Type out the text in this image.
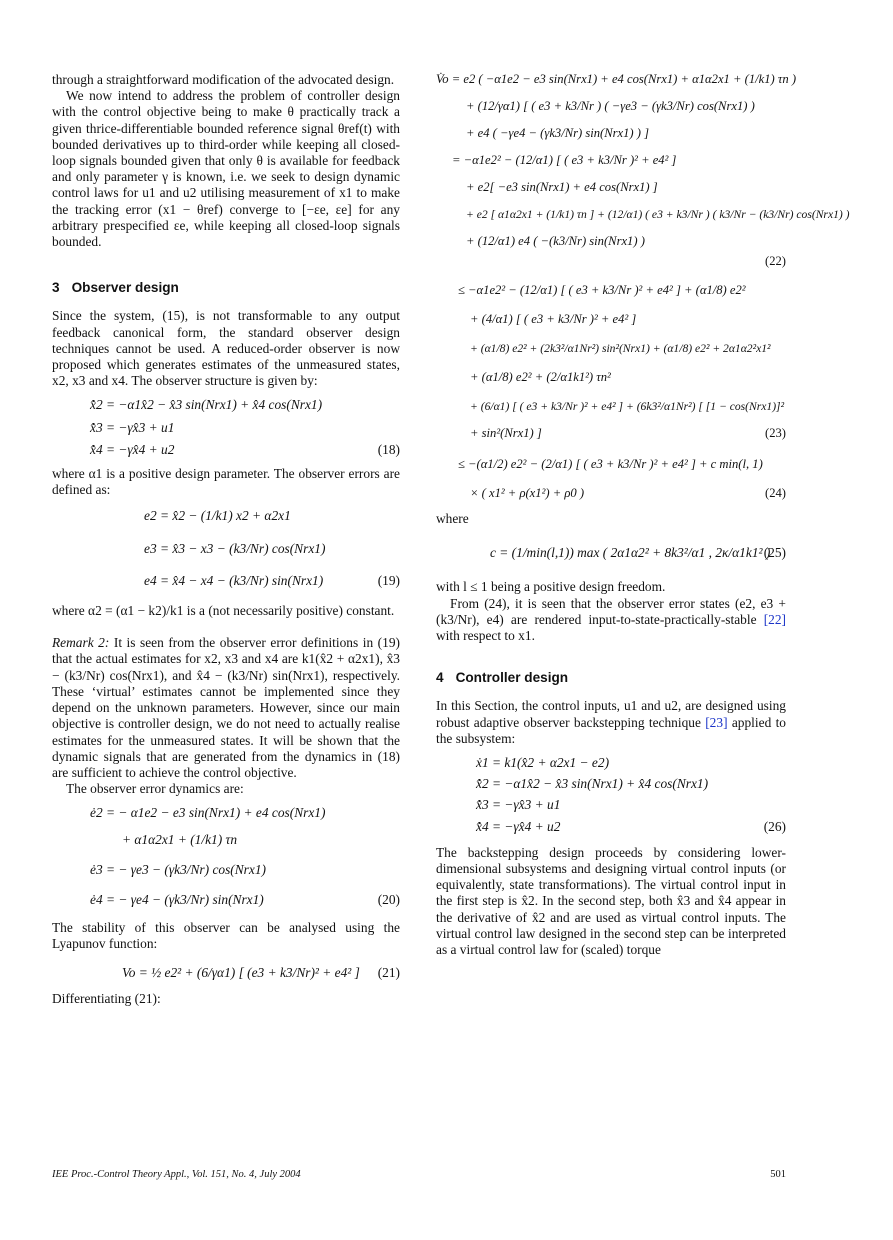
through a straightforward modification of the advocated design.

We now intend to address the problem of controller design with the control objective being to make θ practically track a given thrice-differentiable bounded reference signal θref(t) with bounded derivatives up to third-order while keeping all closed-loop signals bounded given that only θ is available for feedback and only parameter γ is known, i.e. we seek to design dynamic control laws for u1 and u2 utilising measurement of x1 to make the tracking error (x1 − θref) converge to [−εe, εe] for any arbitrary prespecified εe, while keeping all closed-loop signals bounded.

3 Observer design

Since the system, (15), is not transformable to any output feedback canonical form, the standard observer design techniques cannot be used. A reduced-order observer is now proposed which generates estimates of the unmeasured states, x2, x3 and x4. The observer structure is given by:

x̂̇2 = −α1x̂2 − x̂3 sin(Nrx1) + x̂4 cos(Nrx1)
x̂̇3 = −γx̂3 + u1
x̂̇4 = −γx̂4 + u2	(18)

where α1 is a positive design parameter. The observer errors are defined as:

e2 = x̂2 − (1/k1) x2 + α2x1
e3 = x̂3 − x3 − (k3/Nr) cos(Nrx1)
e4 = x̂4 − x4 − (k3/Nr) sin(Nrx1)	(19)

where α2 = (α1 − k2)/k1 is a (not necessarily positive) constant.

Remark 2: It is seen from the observer error definitions in (19) that the actual estimates for x2, x3 and x4 are k1(x̂2 + α2x1), x̂3 − (k3/Nr) cos(Nrx1), and x̂4 − (k3/Nr) sin(Nrx1), respectively. These ‘virtual’ estimates cannot be implemented since they depend on the unknown parameters. However, since our main objective is controller design, we do not need to actually realise estimates for the unmeasured states. It will be shown that the dynamic signals that are generated from the dynamics in (18) are sufficient to achieve the control objective.

The observer error dynamics are:

ė2 = − α1e2 − e3 sin(Nrx1) + e4 cos(Nrx1)
+ α1α2x1 + (1/k1) τn
ė3 = − γe3 − (γk3/Nr) cos(Nrx1)
ė4 = − γe4 − (γk3/Nr) sin(Nrx1)	(20)

The stability of this observer can be analysed using the Lyapunov function:

Vo = ½ e2² + (6/γα1) [ (e3 + k3/Nr)² + e4² ]	(21)

Differentiating (21):

V̇o = e2 ( −α1e2 − e3 sin(Nrx1) + e4 cos(Nrx1) + α1α2x1 + (1/k1) τn )
+ (12/γα1) [ ( e3 + k3/Nr ) ( −γe3 − (γk3/Nr) cos(Nrx1) )
+ e4 ( −γe4 − (γk3/Nr) sin(Nrx1) ) ]
= −α1e2² − (12/α1) [ ( e3 + k3/Nr )² + e4² ]
+ e2[ −e3 sin(Nrx1) + e4 cos(Nrx1) ]
+ e2 [ α1α2x1 + (1/k1) τn ] + (12/α1) ( e3 + k3/Nr ) ( k3/Nr − (k3/Nr) cos(Nrx1) )
+ (12/α1) e4 ( −(k3/Nr) sin(Nrx1) )
(22)
≤ −α1e2² − (12/α1) [ ( e3 + k3/Nr )² + e4² ] + (α1/8) e2²
+ (4/α1) [ ( e3 + k3/Nr )² + e4² ]
+ (α1/8) e2² + (2k3²/α1Nr²) sin²(Nrx1) + (α1/8) e2² + 2α1α2²x1²
+ (α1/8) e2² + (2/α1k1²) τn²
+ (6/α1) [ ( e3 + k3/Nr )² + e4² ] + (6k3²/α1Nr²) [ [1 − cos(Nrx1)]²
+ sin²(Nrx1) ]	(23)
≤ −(α1/2) e2² − (2/α1) [ ( e3 + k3/Nr )² + e4² ] + c min(l, 1)
× ( x1² + ρ(x1²) + ρ0 )	(24)

where

c = (1/min(l,1)) max ( 2α1α2² + 8k3²/α1 , 2κ/α1k1² )
(25)

with l ≤ 1 being a positive design freedom.

From (24), it is seen that the observer error states (e2, e3 + (k3/Nr), e4) are rendered input-to-state-practically-stable [22] with respect to x1.

4 Controller design

In this Section, the control inputs, u1 and u2, are designed using robust adaptive observer backstepping technique [23] applied to the subsystem:

ẋ1 = k1(x̂2 + α2x1 − e2)
x̂̇2 = −α1x̂2 − x̂3 sin(Nrx1) + x̂4 cos(Nrx1)
x̂̇3 = −γx̂3 + u1
x̂̇4 = −γx̂4 + u2	(26)

The backstepping design proceeds by considering lower-dimensional subsystems and designing virtual control inputs (or equivalently, state transformations). The virtual control input in the first step is x̂2. In the second step, both x̂3 and x̂4 appear in the derivative of x̂2 and are used as virtual control inputs. The virtual control law designed in the second step can be interpreted as a virtual control law for (scaled) torque

IEE Proc.-Control Theory Appl., Vol. 151, No. 4, July 2004	501
